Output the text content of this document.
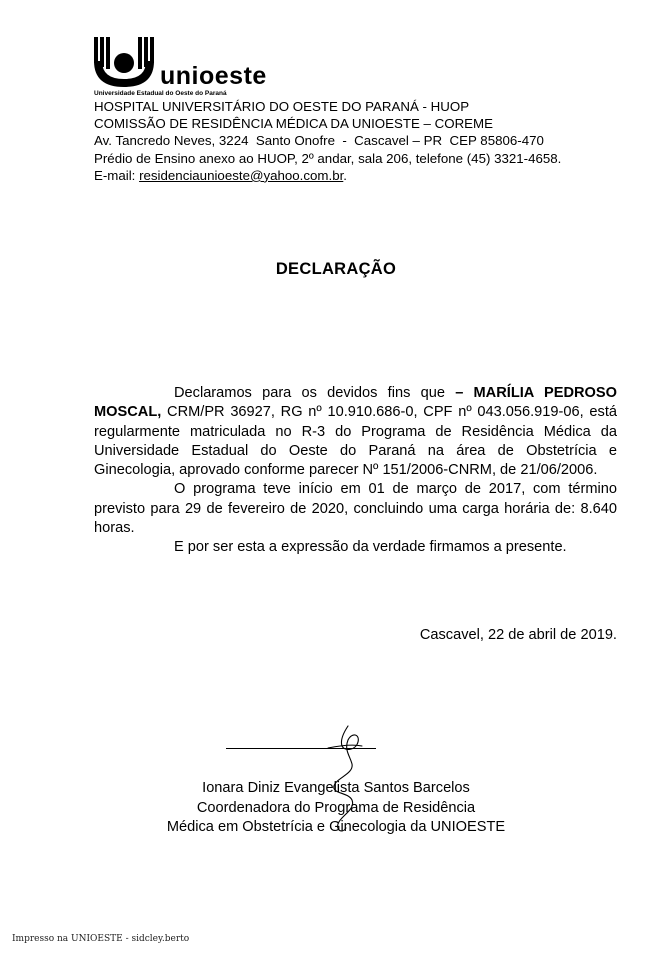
unioeste
Universidade Estadual do Oeste do Paraná
HOSPITAL UNIVERSITÁRIO DO OESTE DO PARANÁ - HUOP
COMISSÃO DE RESIDÊNCIA MÉDICA DA UNIOESTE – COREME
Av. Tancredo Neves, 3224  Santo Onofre  -  Cascavel – PR  CEP 85806-470
Prédio de Ensino anexo ao HUOP, 2º andar, sala 206, telefone (45) 3321-4658.
E-mail: residenciaunioeste@yahoo.com.br.
DECLARAÇÃO

Declaramos para os devidos fins que – MARÍLIA PEDROSO MOSCAL, CRM/PR 36927, RG nº 10.910.686-0, CPF nº 043.056.919-06, está regularmente matriculada no R-3 do Programa de Residência Médica da Universidade Estadual do Oeste do Paraná na área de Obstetrícia e Ginecologia, aprovado conforme parecer Nº 151/2006-CNRM, de 21/06/2006.

O programa teve início em 01 de março de 2017, com término previsto para 29 de fevereiro de 2020, concluindo uma carga horária de: 8.640 horas.

E por ser esta a expressão da verdade firmamos a presente.

Cascavel, 22 de abril de 2019.
Ionara Diniz Evangelista Santos Barcelos
Coordenadora do Programa de Residência
Médica em Obstetrícia e Ginecologia da UNIOESTE
Impresso na UNIOESTE - sidcley.berto
